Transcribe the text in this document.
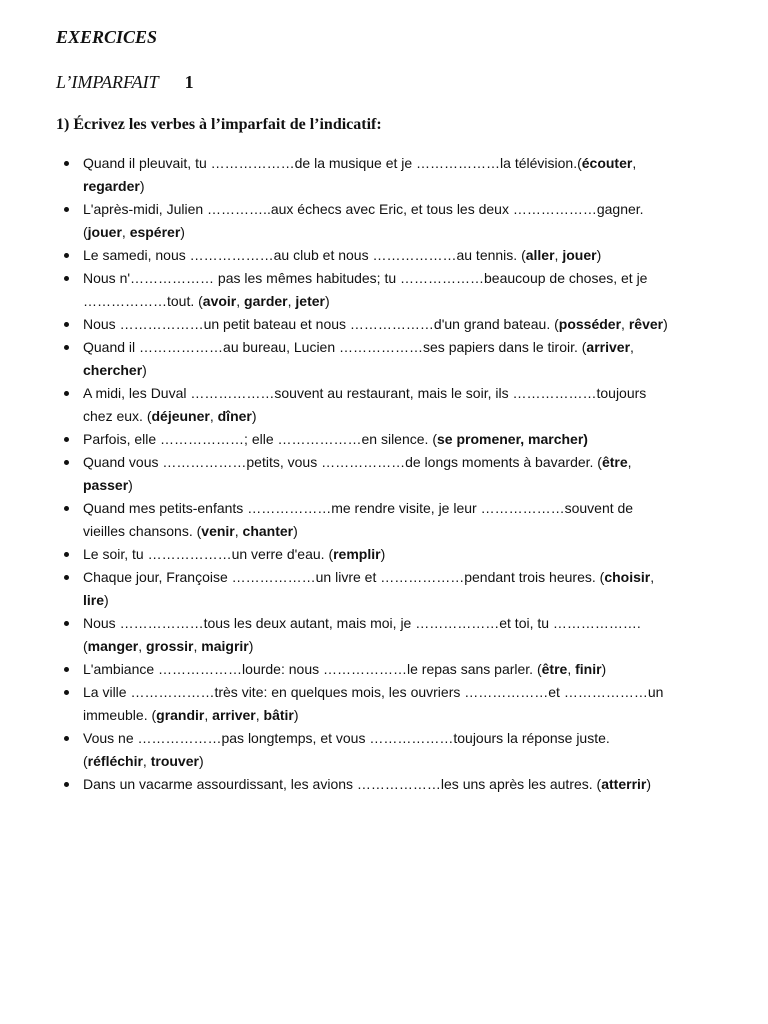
EXERCICES
L’IMPARFAIT 1
1) Écrivez les verbes à l’imparfait de l’indicatif:
Quand il pleuvait, tu ………………de la musique et je ………………la télévision.(écouter,
regarder)
L'après-midi, Julien …………..aux échecs avec Eric, et tous les deux ………………gagner.
(jouer, espérer)
Le samedi, nous ………………au club et nous ………………au tennis. (aller, jouer)
Nous n'……………… pas les mêmes habitudes; tu ………………beaucoup de choses, et je
………………tout. (avoir, garder, jeter)
Nous ………………un petit bateau et nous ………………d'un grand bateau. (posséder, rêver)
Quand il ………………au bureau, Lucien ………………ses papiers dans le tiroir. (arriver,
chercher)
A midi, les Duval ………………souvent au restaurant, mais le soir, ils ………………toujours
chez eux. (déjeuner, dîner)
Parfois, elle ………………; elle ………………en silence. (se promener, marcher)
Quand vous ………………petits, vous ………………de longs moments à bavarder. (être,
passer)
Quand mes petits-enfants ………………me rendre visite, je leur ………………souvent de
vieilles chansons. (venir, chanter)
Le soir, tu ………………un verre d'eau. (remplir)
Chaque jour, Françoise ………………un livre et ………………pendant trois heures. (choisir,
lire)
Nous ………………tous les deux autant, mais moi, je ………………et toi, tu ……………….
(manger, grossir, maigrir)
L'ambiance ………………lourde: nous ………………le repas sans parler. (être, finir)
La ville ………………très vite: en quelques mois, les ouvriers ………………et ………………un
immeuble. (grandir, arriver, bâtir)
Vous ne ………………pas longtemps, et vous ………………toujours la réponse juste.
(réfléchir, trouver)
Dans un vacarme assourdissant, les avions ………………les uns après les autres. (atterrir)
